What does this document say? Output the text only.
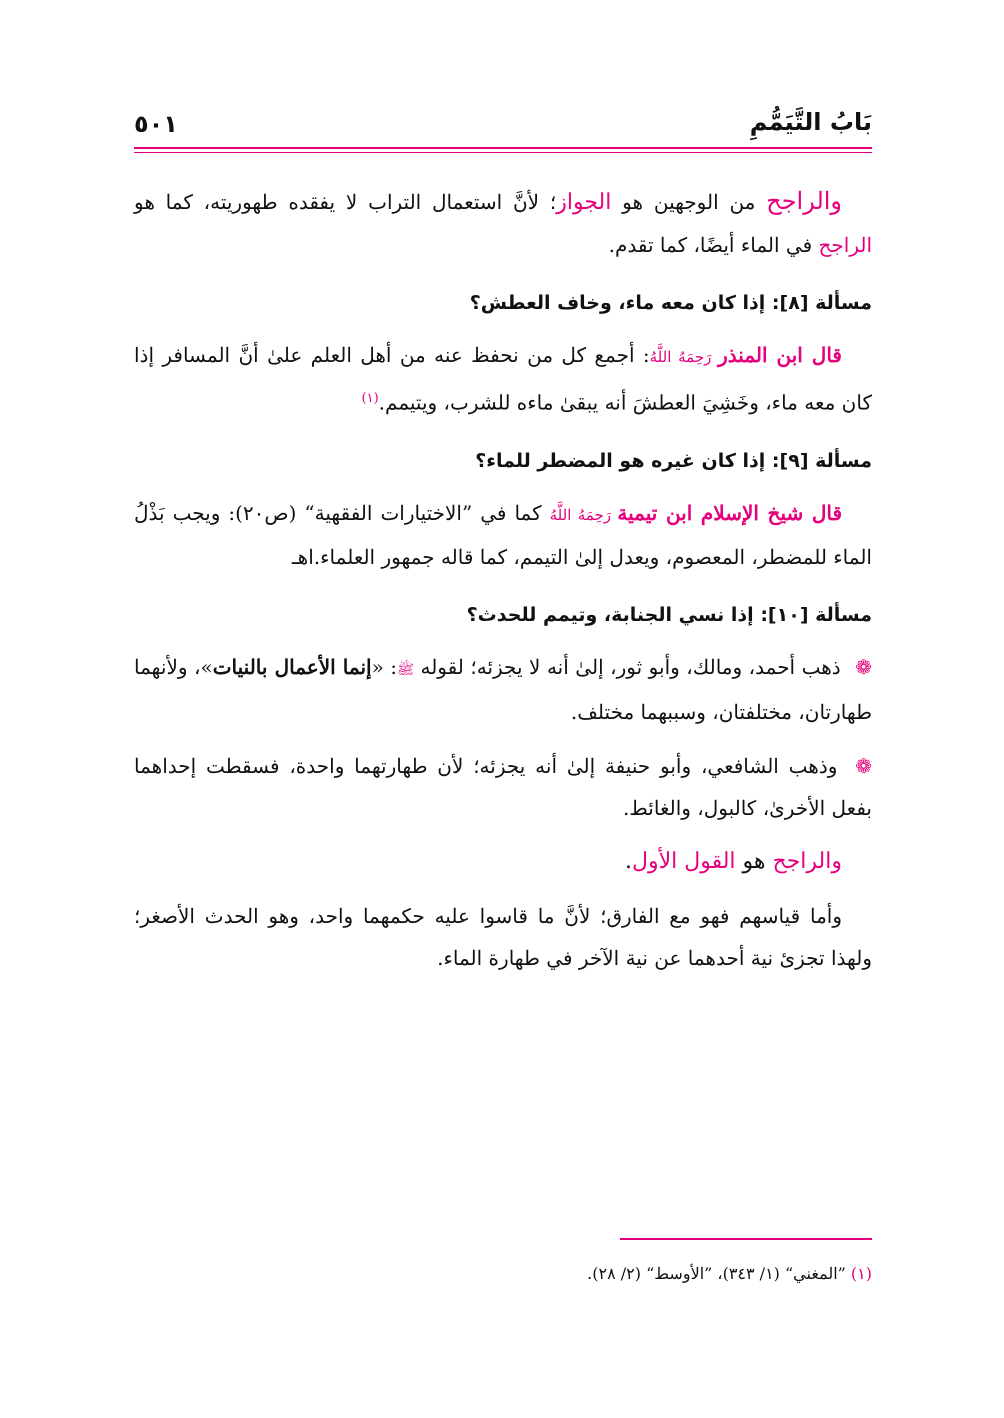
بَابُ التَّيَمُّمِ
٥٠١

والراجح من الوجهين هو الجواز؛ لأنَّ استعمال التراب لا يفقده طهوريته، كما هو الراجح في الماء أيضًا، كما تقدم.

مسألة [٨]: إذا كان معه ماء، وخاف العطش؟

قال ابن المنذر رَحِمَهُ اللَّهُ: أجمع كل من نحفظ عنه من أهل العلم علىٰ أنَّ المسافر إذا كان معه ماء، وخَشِيَ العطشَ أنه يبقىٰ ماءه للشرب، ويتيمم.$^{(١)}$

مسألة [٩]: إذا كان غيره هو المضطر للماء؟

قال شيخ الإسلام ابن تيمية رَحِمَهُ اللَّهُ كما في ”الاختيارات الفقهية“ (ص٢٠): ويجب بَذْلُ الماء للمضطر، المعصوم، ويعدل إلىٰ التيمم، كما قاله جمهور العلماء.اهـ

مسألة [١٠]: إذا نسي الجنابة، وتيمم للحدث؟

❁ ذهب أحمد، ومالك، وأبو ثور، إلىٰ أنه لا يجزئه؛ لقوله ﷺ: «إنما الأعمال بالنيات»، ولأنهما طهارتان، مختلفتان، وسببهما مختلف.

❁ وذهب الشافعي، وأبو حنيفة إلىٰ أنه يجزئه؛ لأن طهارتهما واحدة، فسقطت إحداهما بفعل الأخرىٰ، كالبول، والغائط.

والراجح هو القول الأول.

وأما قياسهم فهو مع الفارق؛ لأنَّ ما قاسوا عليه حكمهما واحد، وهو الحدث الأصغر؛ ولهذا تجزئ نية أحدهما عن نية الآخر في طهارة الماء.

(١) ”المغني“ (١/ ٣٤٣)، ”الأوسط“ (٢/ ٢٨).
